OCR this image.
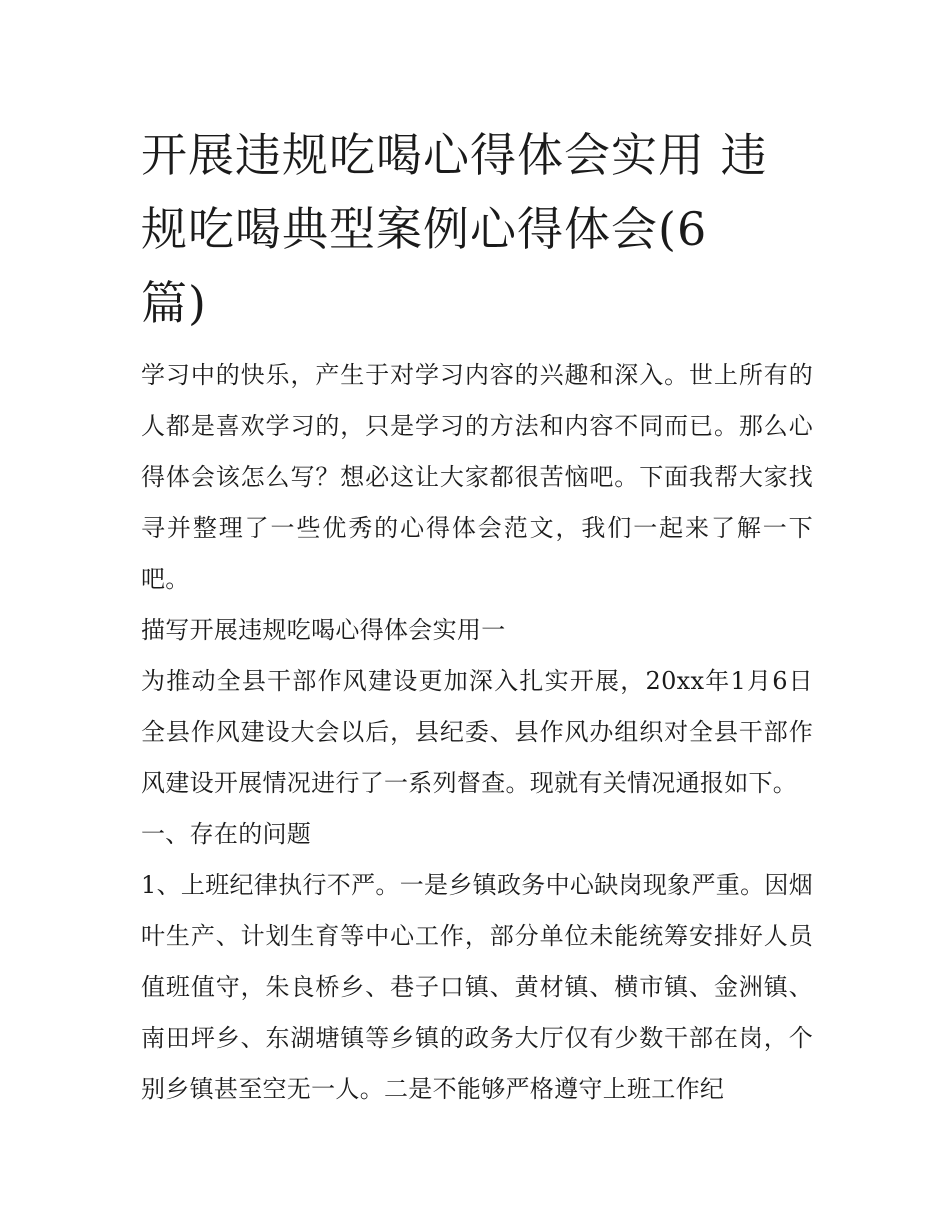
开展违规吃喝心得体会实用 违规吃喝典型案例心得体会(6
篇)

学习中的快乐，产生于对学习内容的兴趣和深入。世上所有的人都是喜欢学习的，只是学习的方法和内容不同而已。那么心得体会该怎么写？想必这让大家都很苦恼吧。下面我帮大家找寻并整理了一些优秀的心得体会范文，我们一起来了解一下吧。

描写开展违规吃喝心得体会实用一

为推动全县干部作风建设更加深入扎实开展，20xx年1月6日全县作风建设大会以后，县纪委、县作风办组织对全县干部作风建设开展情况进行了一系列督查。现就有关情况通报如下。

一、存在的问题

1、上班纪律执行不严。一是乡镇政务中心缺岗现象严重。因烟叶生产、计划生育等中心工作，部分单位未能统筹安排好人员值班值守，朱良桥乡、巷子口镇、黄材镇、横市镇、金洲镇、南田坪乡、东湖塘镇等乡镇的政务大厅仅有少数干部在岗，个别乡镇甚至空无一人。二是不能够严格遵守上班工作纪
